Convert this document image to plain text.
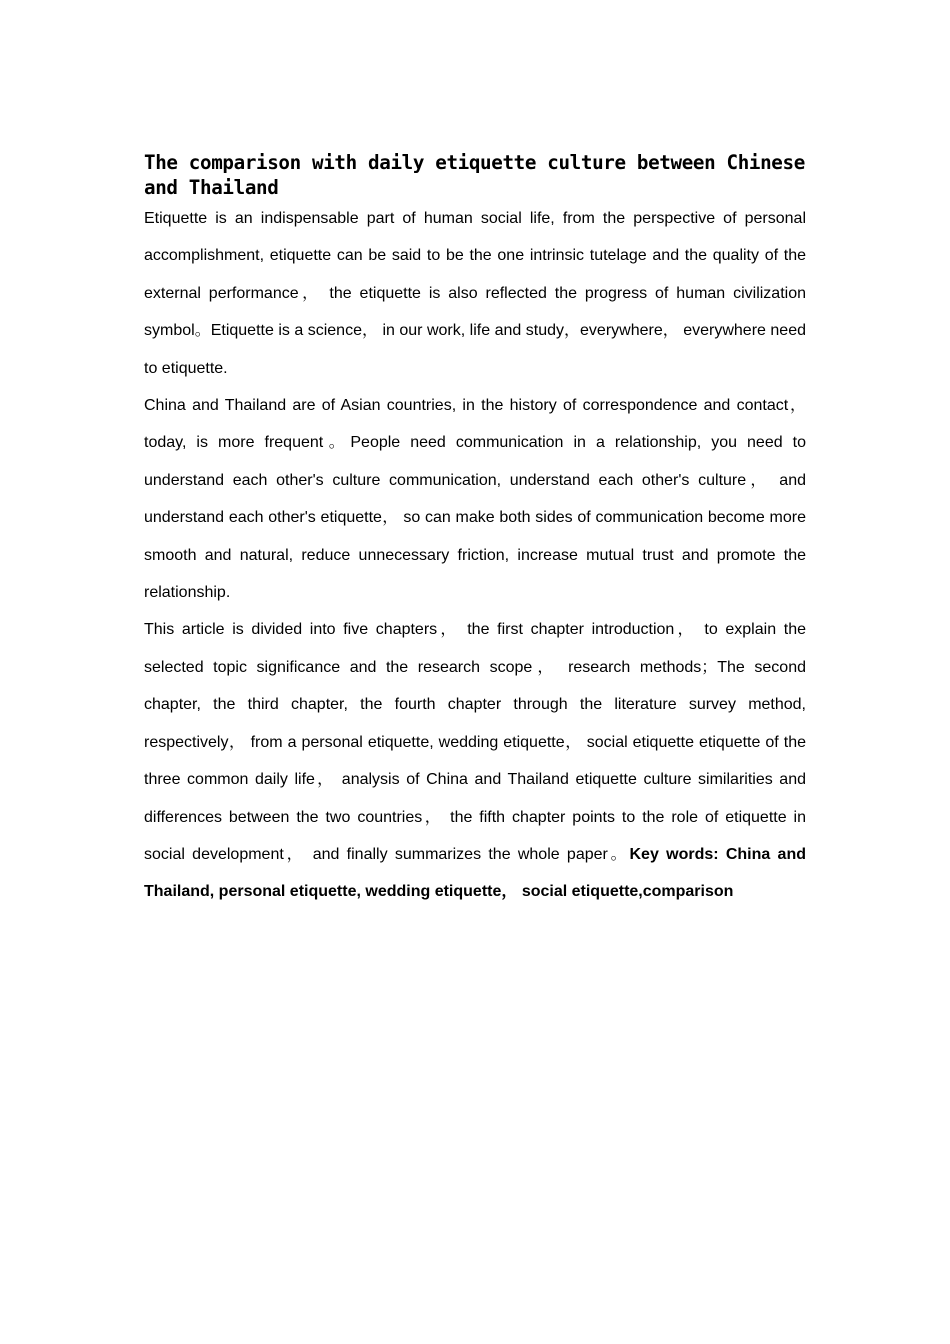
The comparison with daily etiquette culture between Chinese and Thailand

Etiquette is an indispensable part of human social life, from the perspective of personal accomplishment, etiquette can be said to be the one intrinsic tutelage and the quality of the external performance， the etiquette is also reflected the progress of human civilization symbol。Etiquette is a science， in our work, life and study，everywhere， everywhere need to etiquette.

China and Thailand are of Asian countries, in the history of correspondence and contact， today, is more frequent。People need communication in a relationship, you need to understand each other's culture communication, understand each other's culture， and understand each other's etiquette， so can make both sides of communication become more smooth and natural, reduce unnecessary friction, increase mutual trust and promote the relationship.

This article is divided into five chapters， the first chapter introduction， to explain the selected topic significance and the research scope， research methods；The second chapter, the third chapter, the fourth chapter through the literature survey method, respectively， from a personal etiquette, wedding etiquette， social etiquette etiquette of the three common daily life， analysis of China and Thailand etiquette culture similarities and differences between the two countries， the fifth chapter points to the role of etiquette in social development， and finally summarizes the whole paper。Key words: China and Thailand, personal etiquette, wedding etiquette， social etiquette,comparison
